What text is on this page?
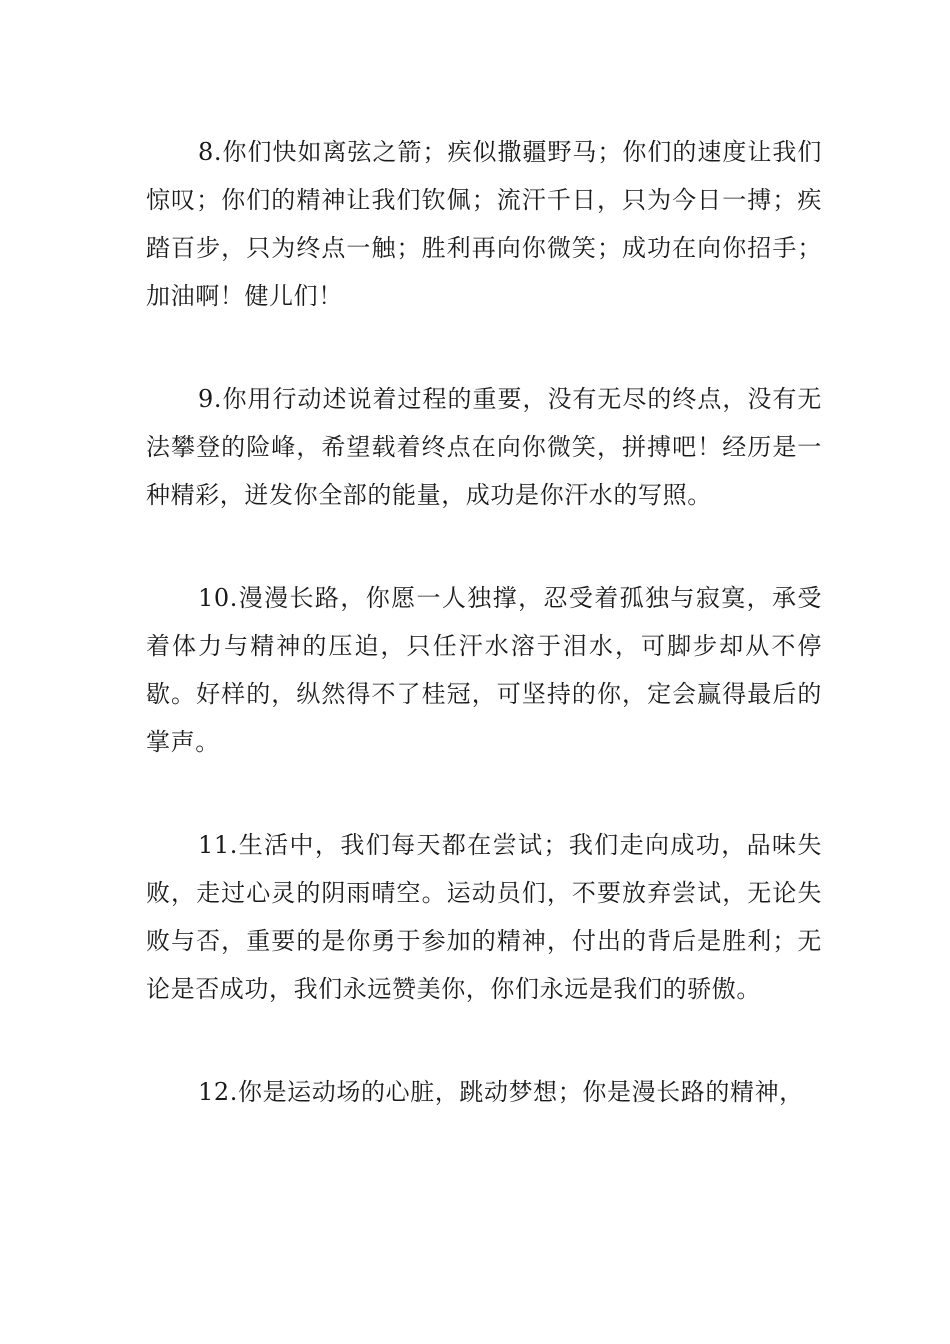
8.你们快如离弦之箭；疾似撒疆野马；你们的速度让我们惊叹；你们的精神让我们钦佩；流汗千日，只为今日一搏；疾踏百步，只为终点一触；胜利再向你微笑；成功在向你招手；加油啊！健儿们！

9.你用行动述说着过程的重要，没有无尽的终点，没有无法攀登的险峰，希望载着终点在向你微笑，拼搏吧！经历是一种精彩，迸发你全部的能量，成功是你汗水的写照。

10.漫漫长路，你愿一人独撑，忍受着孤独与寂寞，承受着体力与精神的压迫，只任汗水溶于泪水，可脚步却从不停歇。好样的，纵然得不了桂冠，可坚持的你，定会赢得最后的掌声。

11.生活中，我们每天都在尝试；我们走向成功，品味失败，走过心灵的阴雨晴空。运动员们，不要放弃尝试，无论失败与否，重要的是你勇于参加的精神，付出的背后是胜利；无论是否成功，我们永远赞美你，你们永远是我们的骄傲。

12.你是运动场的心脏，跳动梦想；你是漫长路的精神，
